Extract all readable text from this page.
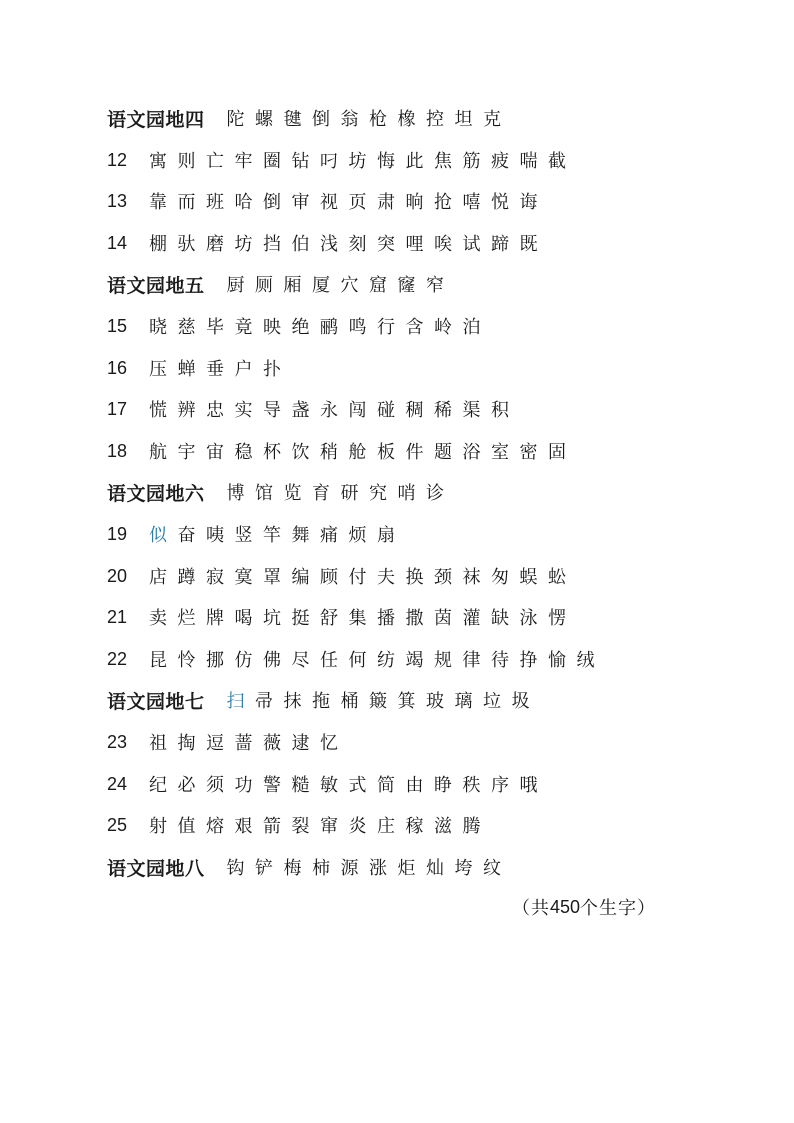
语文园地四 陀螺毽倒翁枪橡控坦克
12	寓则亡牢圈钻叼坊悔此焦筋疲喘截
13	靠而班哈倒审视页肃晌抢嘻悦诲
14	棚驮磨坊挡伯浅刻突哩唉试蹄既
语文园地五 厨厕厢厦穴窟窿窄
15	晓慈毕竟映绝鹂鸣行含岭泊
16	压蝉垂户扑
17	慌辨忠实导盏永闯碰稠稀渠积
18	航宇宙稳杯饮稍舱板件题浴室密固
语文园地六 博馆览育研究哨诊
19	似奋咦竖竿舞痛烦扇
20	店蹲寂寞罩编顾付夫换颈袜匆蜈蚣
21	卖烂牌喝坑挺舒集播撒茵灌缺泳愣
22	昆怜挪仿佛尽任何纺竭规律待挣愉绒
语文园地七 扫帚抹拖桶簸箕玻璃垃圾
23	祖掏逗蔷薇逮忆
24	纪必须功警糙敏式简由睁秩序哦
25	射值熔艰箭裂窜炎庄稼滋腾
语文园地八 钩铲梅柿源涨炬灿垮纹
（共 450 个生字）
